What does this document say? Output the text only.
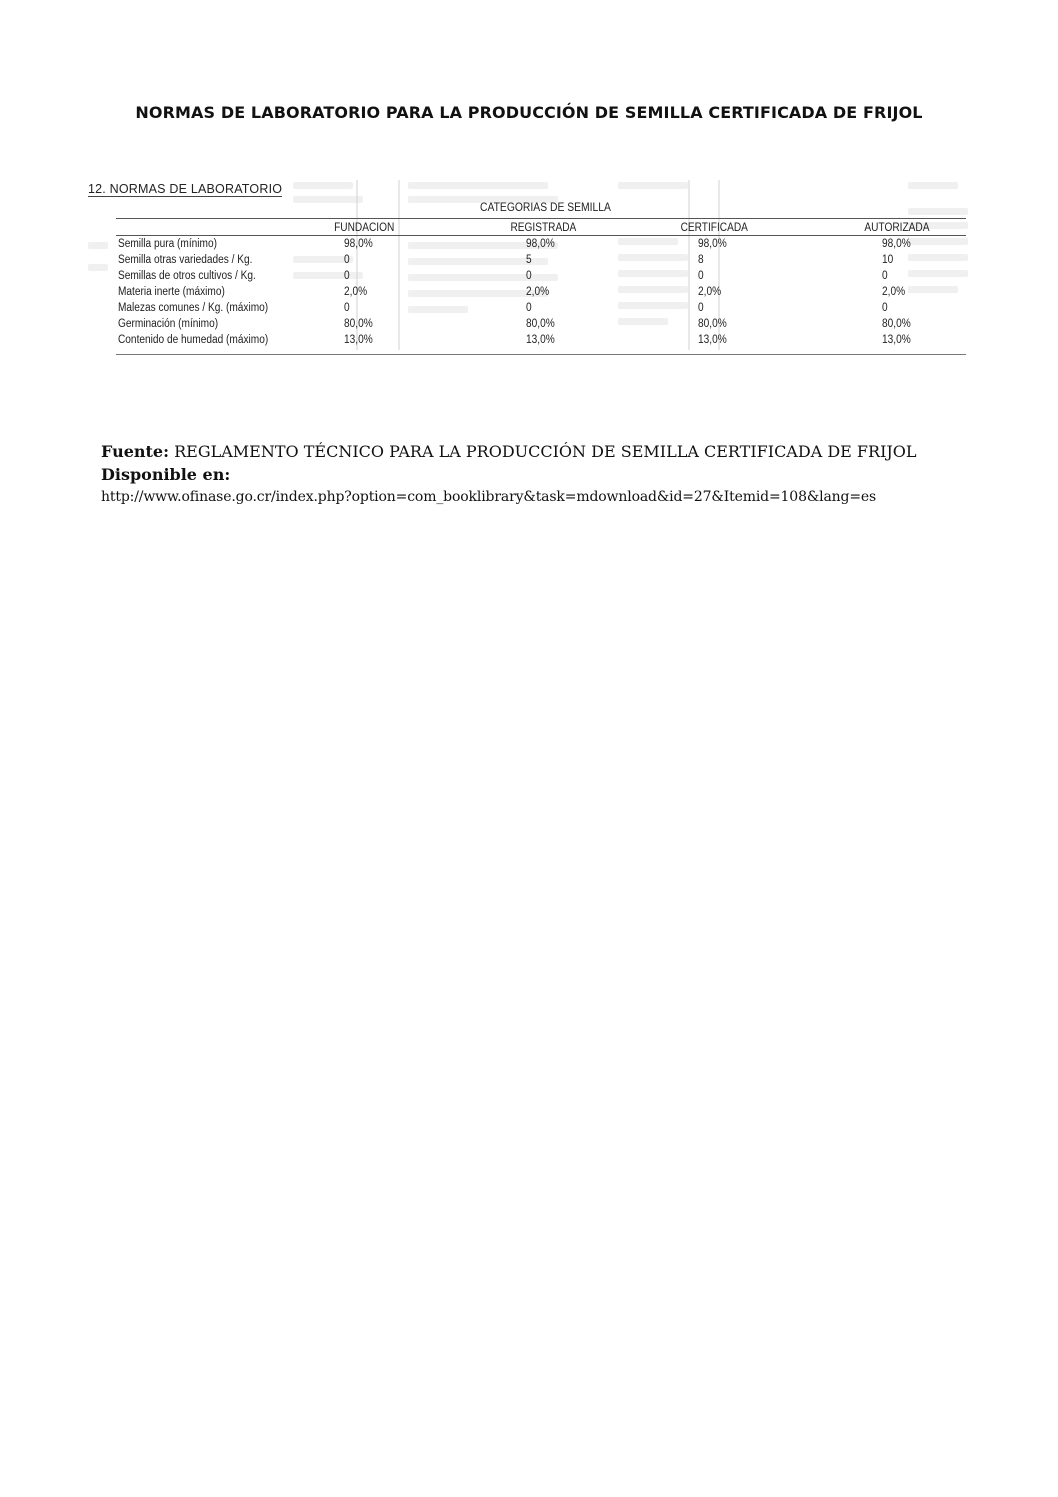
NORMAS DE LABORATORIO PARA LA PRODUCCIÓN DE SEMILLA CERTIFICADA DE FRIJOL
12. NORMAS DE LABORATORIO
CATEGORIAS DE SEMILLA
FUNDACION	REGISTRADA	CERTIFICADA	AUTORIZADA
Semilla pura (mínimo)	98,0%	98,0%	98,0%	98,0%
Semilla otras variedades / Kg.	0	5	8	10
Semillas de otros cultivos / Kg.	0	0	0	0
Materia inerte (máximo)	2,0%	2,0%	2,0%	2,0%
Malezas comunes / Kg. (máximo)	0	0	0	0
Germinación (mínimo)	80,0%	80,0%	80,0%	80,0%
Contenido de humedad (máximo)	13,0%	13,0%	13,0%	13,0%
Fuente: REGLAMENTO TÉCNICO PARA LA PRODUCCIÓN DE SEMILLA CERTIFICADA DE FRIJOL
Disponible en:
http://www.ofinase.go.cr/index.php?option=com_booklibrary&task=mdownload&id=27&Itemid=108&lang=es
